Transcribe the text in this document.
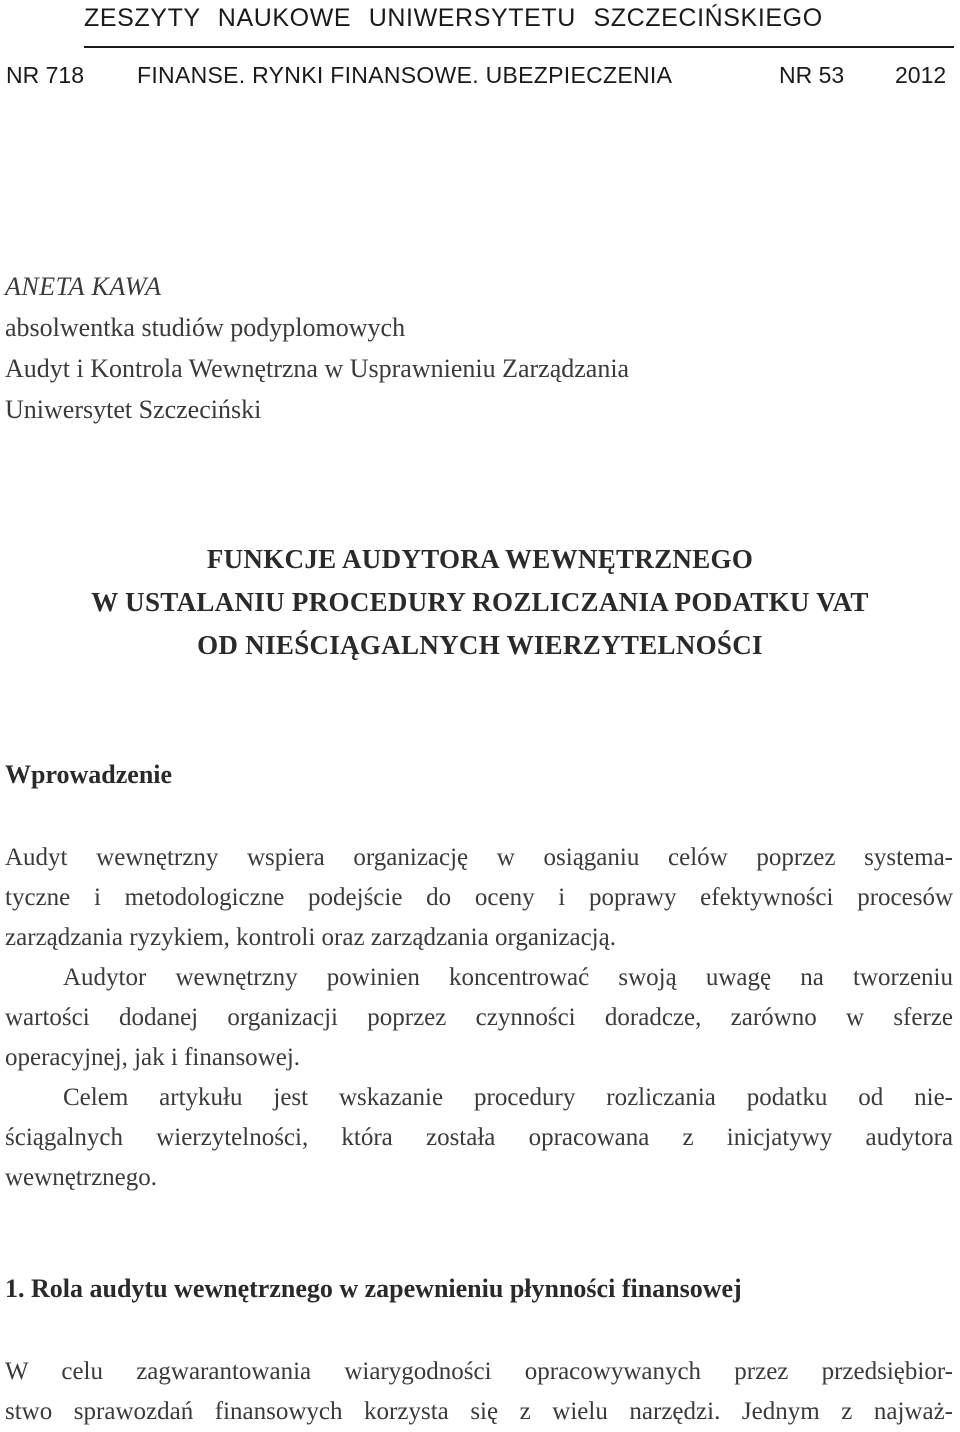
ZESZYTY NAUKOWE UNIWERSYTETU SZCZECIŃSKIEGO
NR 718 FINANSE. RYNKI FINANSOWE. UBEZPIECZENIA	NR 53 2012
ANETA KAWA
absolwentka studiów podyplomowych
Audyt i Kontrola Wewnętrzna w Usprawnieniu Zarządzania
Uniwersytet Szczeciński
FUNKCJE AUDYTORA WEWNĘTRZNEGO
W USTALANIU PROCEDURY ROZLICZANIA PODATKU VAT
OD NIEŚCIĄGALNYCH WIERZYTELNOŚCI
Wprowadzenie
Audyt wewnętrzny wspiera organizację w osiąganiu celów poprzez systema-
tyczne i metodologiczne podejście do oceny i poprawy efektywności procesów
zarządzania ryzykiem, kontroli oraz zarządzania organizacją.
Audytor wewnętrzny powinien koncentrować swoją uwagę na tworzeniu
wartości dodanej organizacji poprzez czynności doradcze, zarówno w sferze
operacyjnej, jak i finansowej.
Celem artykułu jest wskazanie procedury rozliczania podatku od nie-
ściągalnych wierzytelności, która została opracowana z inicjatywy audytora
wewnętrznego.
1. Rola audytu wewnętrznego w zapewnieniu płynności finansowej
W celu zagwarantowania wiarygodności opracowywanych przez przedsiębior-
stwo sprawozdań finansowych korzysta się z wielu narzędzi. Jednym z najważ-
